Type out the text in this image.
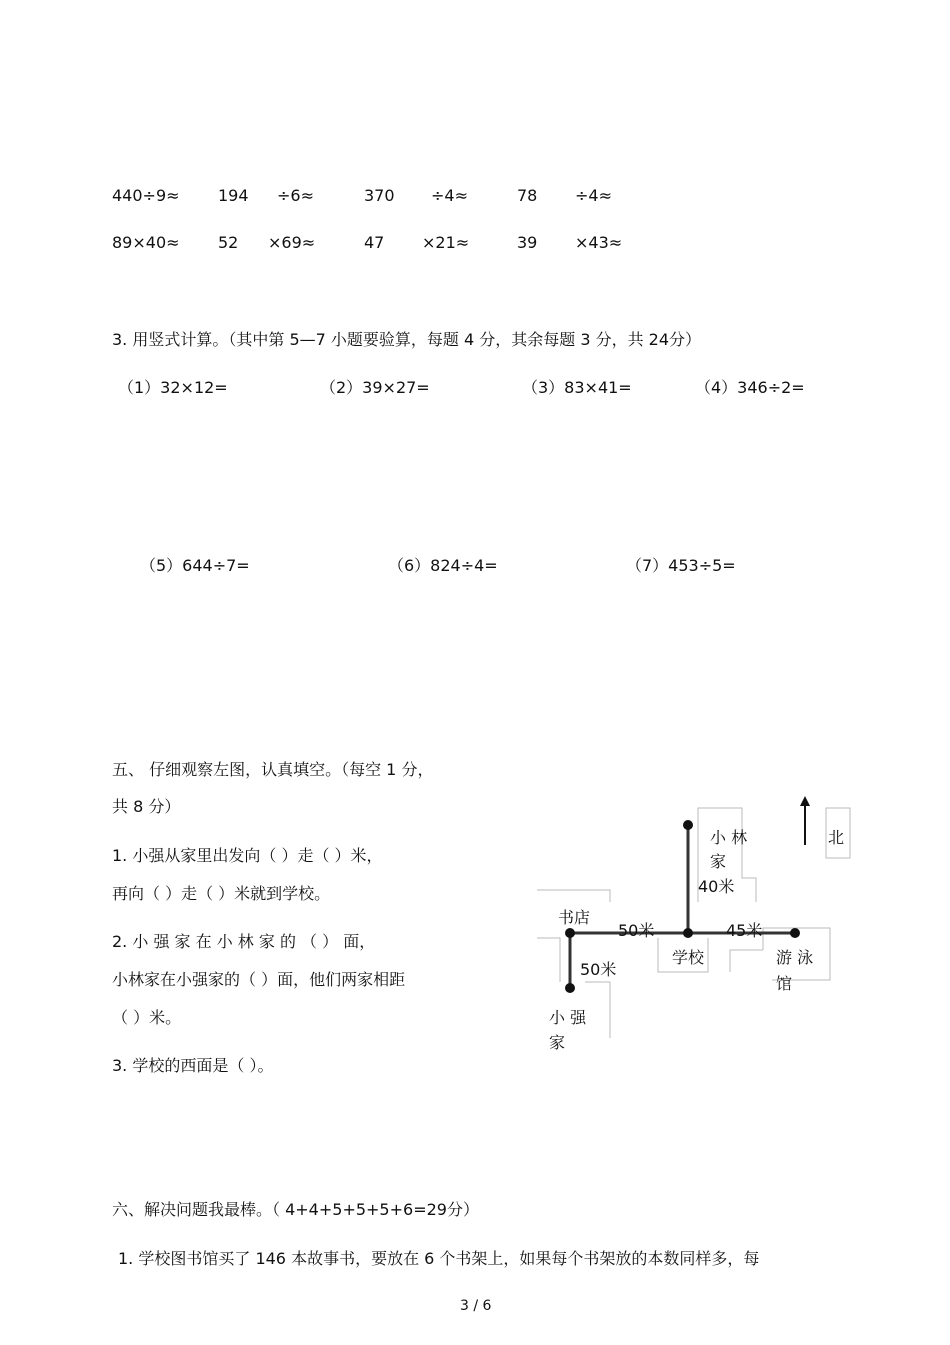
440÷9≈ 194 ÷6≈	370 ÷4≈	78 ÷4≈
89×40≈ 52 ×69≈	47 ×21≈	39 ×43≈
3. 用竖式计算。（其中第 5—7 小题要验算，每题 4 分，其余每题 3 分，共 24分）
（1）32×12=	（2）39×27=	（3）83×41=	（4）346÷2=
（5）644÷7=	（6）824÷4=	（7）453÷5=
五、 仔细观察左图，认真填空。（每空 1 分，
共 8 分）
1. 小强从家里出发向（ ）走（ ）米，
再向（ ）走（ ）米就到学校。
2. 小 强 家 在 小 林 家 的 （ ） 面，
小林家在小强家的（ ）面，他们两家相距
（ ）米。
3. 学校的西面是（ ）。
北
小 林
家
40米
书店
50米	45米
学校	游 泳
馆
50米
小 强
家
六、解决问题我最棒。（ 4+4+5+5+5+6=29分）
1. 学校图书馆买了 146 本故事书，要放在 6 个书架上，如果每个书架放的本数同样多，每
3 / 6
